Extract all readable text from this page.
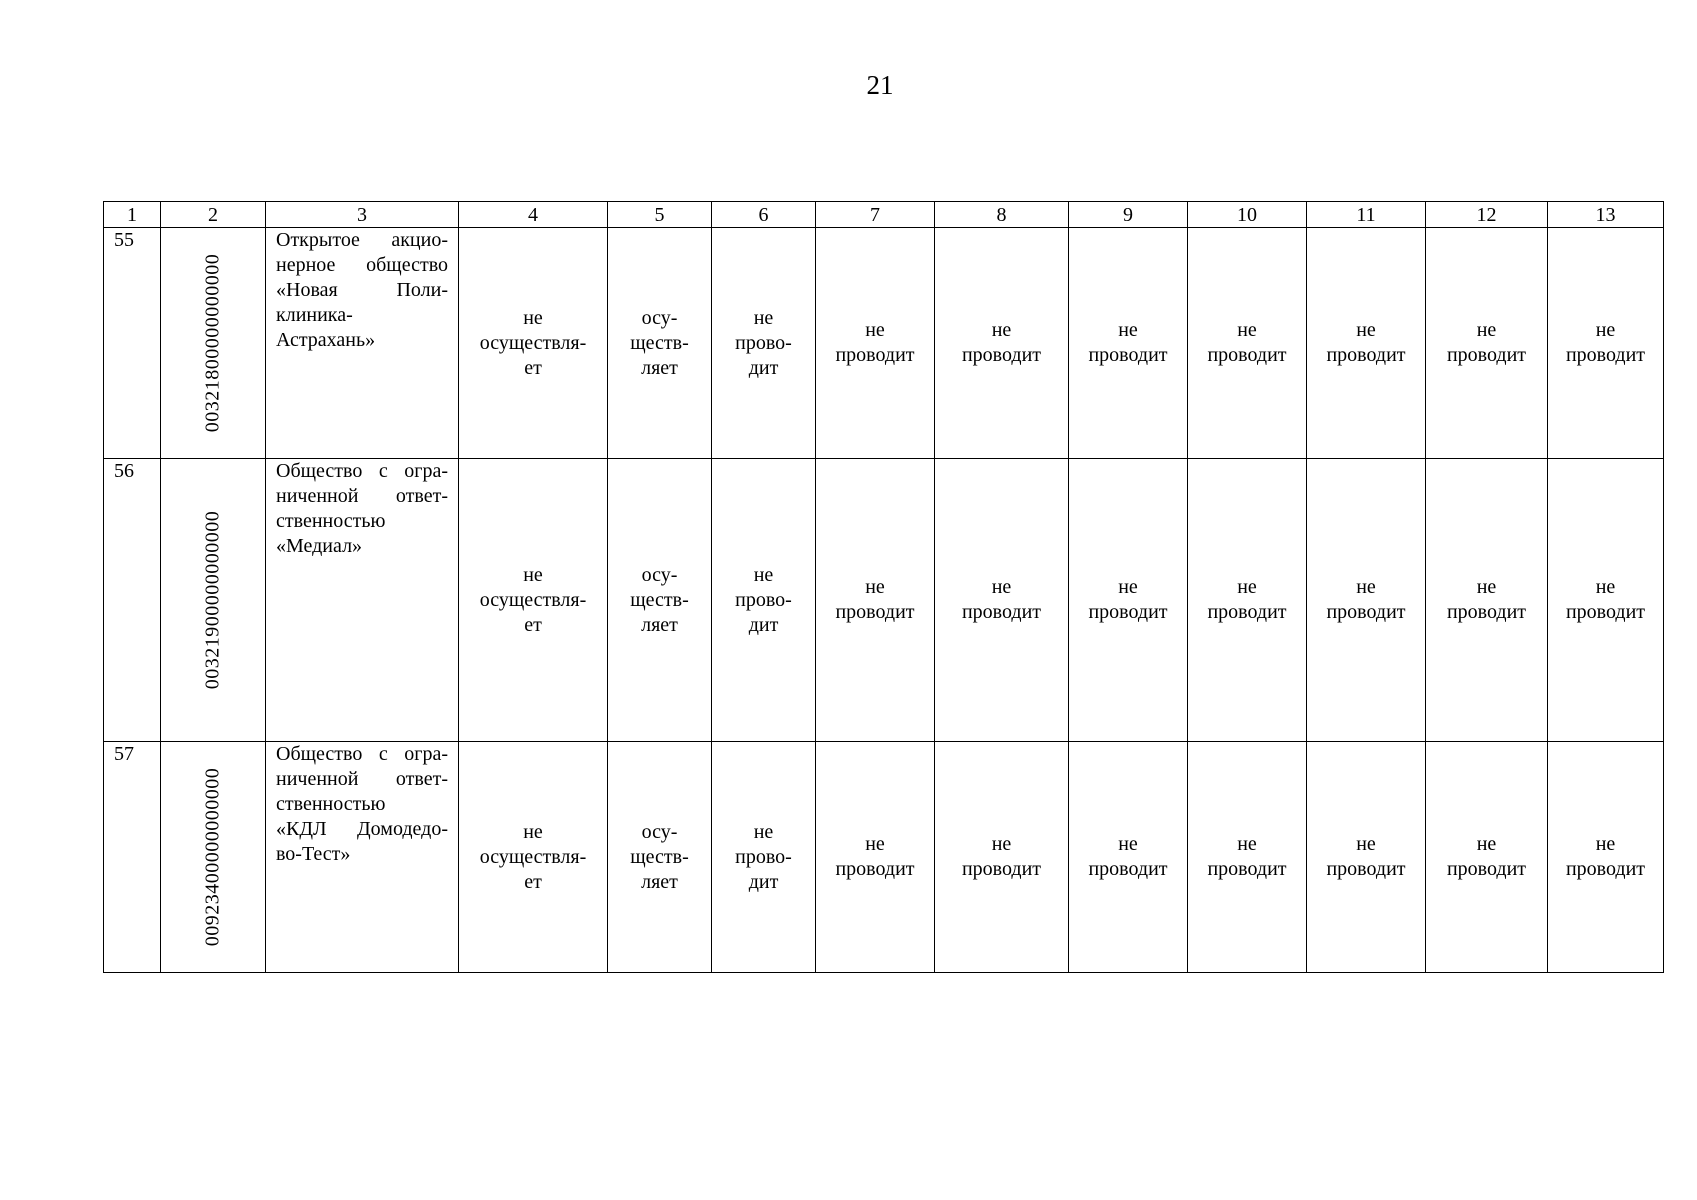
21
1	2	3	4	5	6	7	8	9	10	11	12	13
55	00321800000000000	Открытое акцио-
нерное общество
«Новая Поли-
клиника-
Астрахань»	не
осуществля-
ет	осу-
ществ-
ляет	не
прово-
дит	не
проводит	не
проводит	не
проводит	не
проводит	не
проводит	не
проводит	не
проводит

56	00321900000000000	Общество с огра-
ниченной ответ-
ственностью
«Медиал»	не
осуществля-
ет	осу-
ществ-
ляет	не
прово-
дит	не
проводит	не
проводит	не
проводит	не
проводит	не
проводит	не
проводит	не
проводит

57	00923400000000000	Общество с огра-
ниченной ответ-
ственностью
«КДЛ Домодедо-
во-Тест»	не
осуществля-
ет	осу-
ществ-
ляет	не
прово-
дит	не
проводит	не
проводит	не
проводит	не
проводит	не
проводит	не
проводит	не
проводит
